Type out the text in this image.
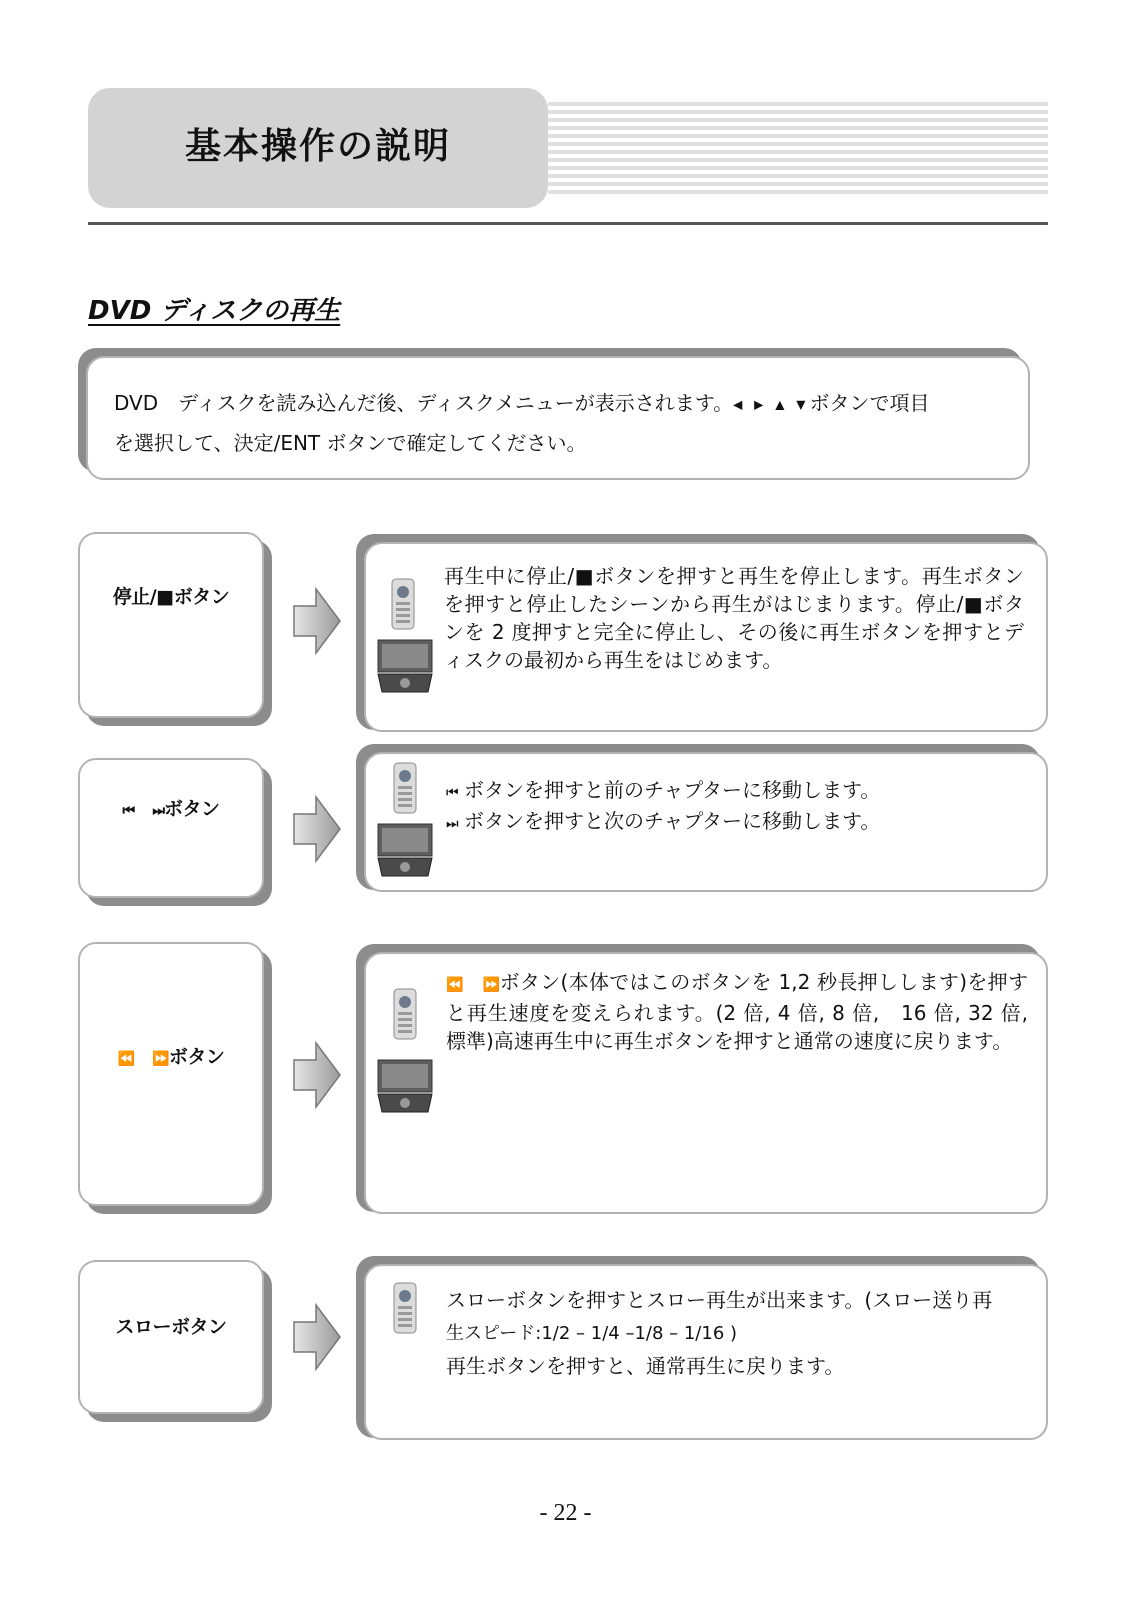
基本操作の説明
DVD ディスクの再生
DVD　ディスクを読み込んだ後、ディスクメニューが表示されます。◀ ▶ ▲ ▼ボタンで項目
を選択して、決定/ENT ボタンで確定してください。
停止/■ボタン
再生中に停止/■ボタンを押すと再生を停止します。再生ボタンを押すと停止したシーンから再生がはじまります。停止/■ボタンを 2 度押すと完全に停止し、その後に再生ボタンを押すとディスクの最初から再生をはじめます。
⏮ ⏭ボタン
⏮ ボタンを押すと前のチャプターに移動します。
⏭ ボタンを押すと次のチャプターに移動します。
⏪ ⏩ボタン
⏪ ⏩ボタン(本体ではこのボタンを 1,2 秒長押しします)を押すと再生速度を変えられます。(2 倍, 4 倍, 8 倍,　16 倍, 32 倍, 標準)高速再生中に再生ボタンを押すと通常の速度に戻ります。
スローボタン
スローボタンを押すとスロー再生が出来ます。(スロー送り再
生スピード:1/2 – 1/4 –1/8 – 1/16 )
再生ボタンを押すと、通常再生に戻ります。
- 22 -
